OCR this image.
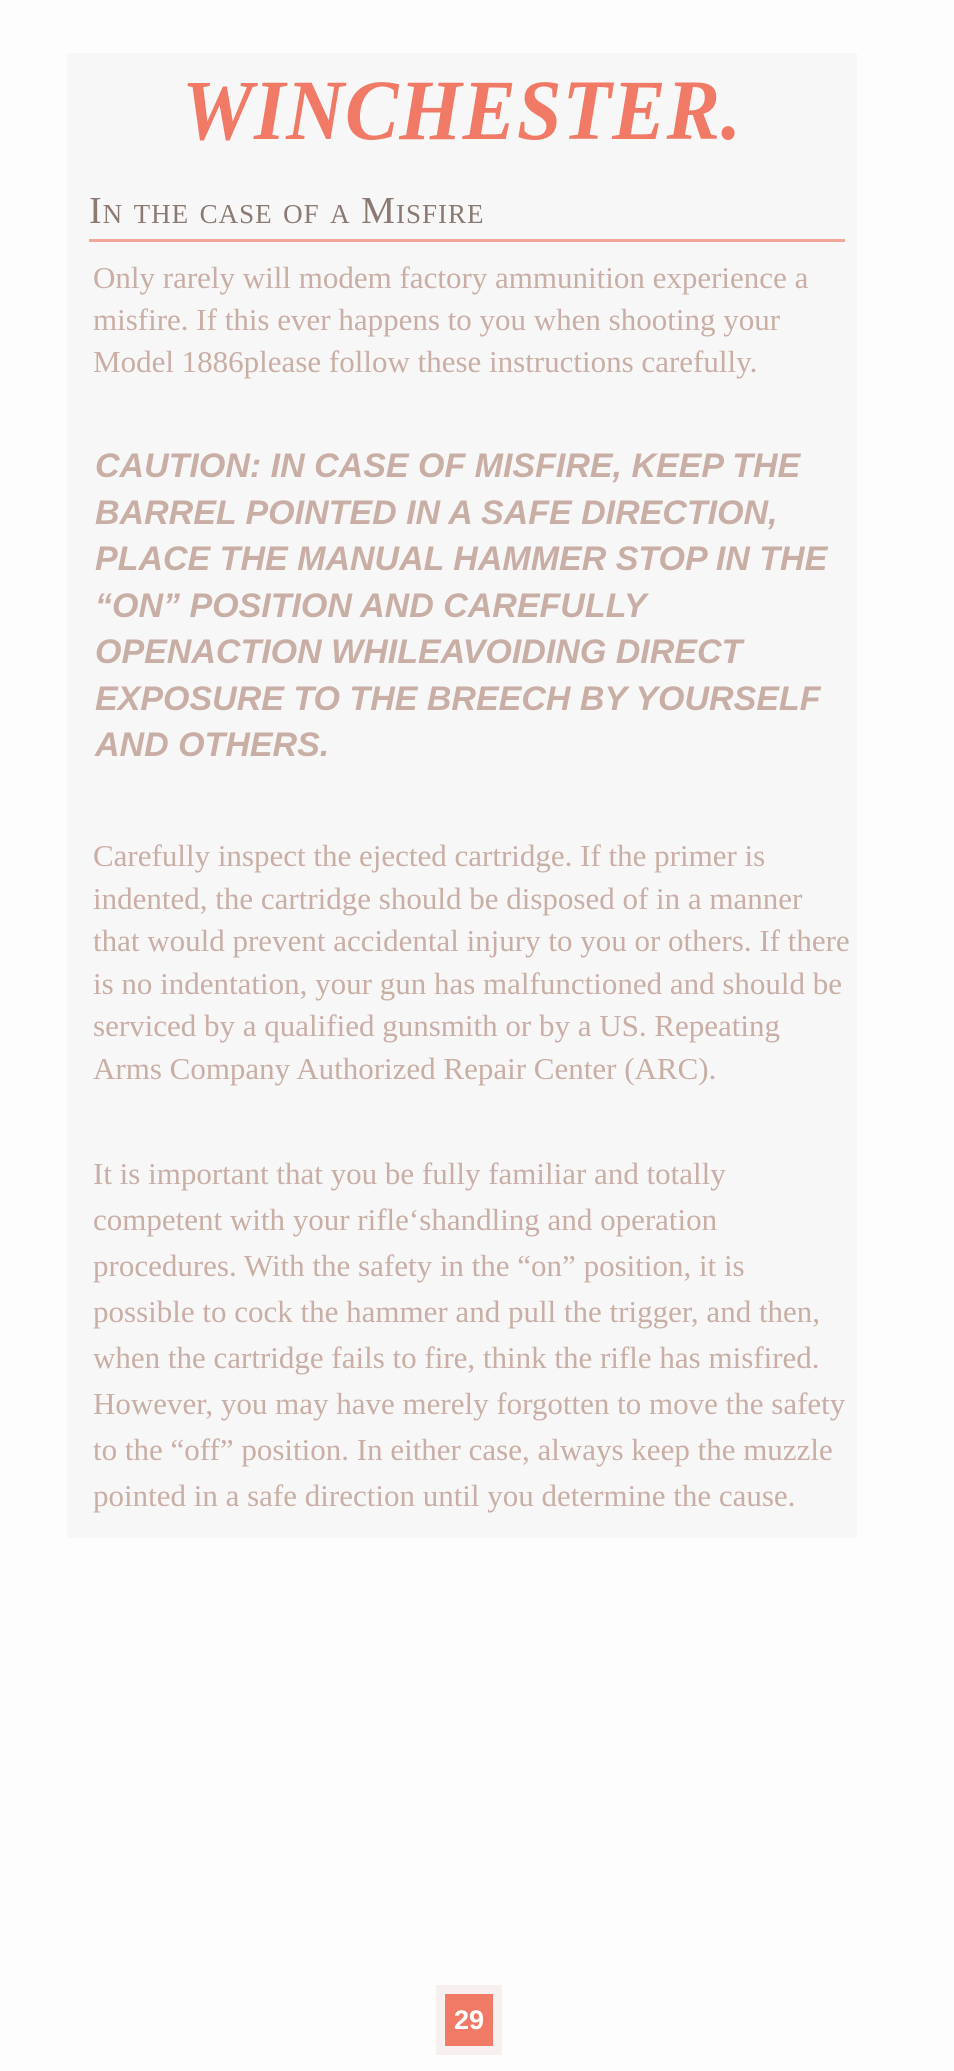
WINCHESTER.
In the case of a Misfire

Only rarely will modem factory ammunition experience a misfire. If this ever happens to you when shooting your Model 1886please follow these instructions carefully.

CAUTION: IN CASE OF MISFIRE, KEEP THE BARREL POINTED IN A SAFE DIRECTION, PLACE THE MANUAL HAMMER STOP IN THE “ON” POSITION AND CAREFULLY OPENACTION WHILEAVOIDING DIRECT EXPOSURE TO THE BREECH BY YOURSELF AND OTHERS.

Carefully inspect the ejected cartridge. If the primer is indented, the cartridge should be disposed of in a manner that would prevent accidental injury to you or others. If there is no indentation, your gun has malfunctioned and should be serviced by a qualified gunsmith or by a US. Repeating Arms Company Authorized Repair Center (ARC).

It is important that you be fully familiar and totally competent with your rifle‘shandling and operation procedures. With the safety in the “on” position, it is possible to cock the hammer and pull the trigger, and then, when the cartridge fails to fire, think the rifle has misfired. However, you may have merely forgotten to move the safety to the “off” position. In either case, always keep the muzzle pointed in a safe direction until you determine the cause.

29
